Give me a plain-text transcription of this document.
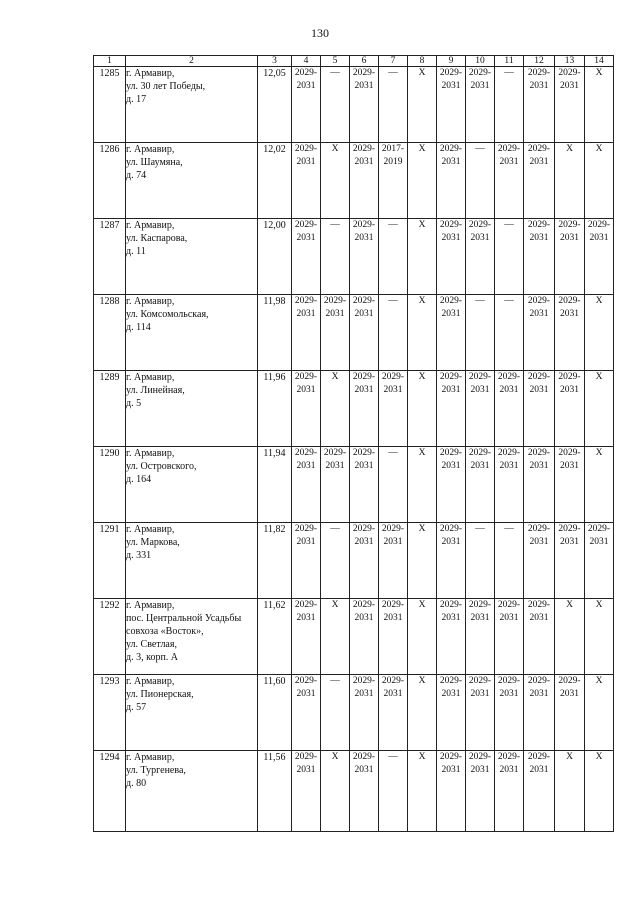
130
1	2	3	4	5	6	7	8	9	10	11	12	13	14
1285	г. Армавир,
ул. 30 лет Победы,
д. 17	12,05	2029-
2031	—	2029-
2031	—	X	2029-
2031	2029-
2031	—	2029-
2031	2029-
2031	X

1286	г. Армавир,
ул. Шаумяна,
д. 74	12,02	2029-
2031	X	2029-
2031	2017-
2019	X	2029-
2031	—	2029-
2031	2029-
2031	X	X

1287	г. Армавир,
ул. Каспарова,
д. 11	12,00	2029-
2031	—	2029-
2031	—	X	2029-
2031	2029-
2031	—	2029-
2031	2029-
2031	2029-
2031

1288	г. Армавир,
ул. Комсомольская,
д. 114	11,98	2029-
2031	2029-
2031	2029-
2031	—	X	2029-
2031	—	—	2029-
2031	2029-
2031	X

1289	г. Армавир,
ул. Линейная,
д. 5	11,96	2029-
2031	X	2029-
2031	2029-
2031	X	2029-
2031	2029-
2031	2029-
2031	2029-
2031	2029-
2031	X

1290	г. Армавир,
ул. Островского,
д. 164	11,94	2029-
2031	2029-
2031	2029-
2031	—	X	2029-
2031	2029-
2031	2029-
2031	2029-
2031	2029-
2031	X

1291	г. Армавир,
ул. Маркова,
д. 331	11,82	2029-
2031	—	2029-
2031	2029-
2031	X	2029-
2031	—	—	2029-
2031	2029-
2031	2029-
2031

1292	г. Армавир,
пос. Центральной Усадьбы
совхоза «Восток»,
ул. Светлая,
д. 3, корп. А	11,62	2029-
2031	X	2029-
2031	2029-
2031	X	2029-
2031	2029-
2031	2029-
2031	2029-
2031	X	X

1293	г. Армавир,
ул. Пионерская,
д. 57	11,60	2029-
2031	—	2029-
2031	2029-
2031	X	2029-
2031	2029-
2031	2029-
2031	2029-
2031	2029-
2031	X

1294	г. Армавир,
ул. Тургенева,
д. 80	11,56	2029-
2031	X	2029-
2031	—	X	2029-
2031	2029-
2031	2029-
2031	2029-
2031	X	X
